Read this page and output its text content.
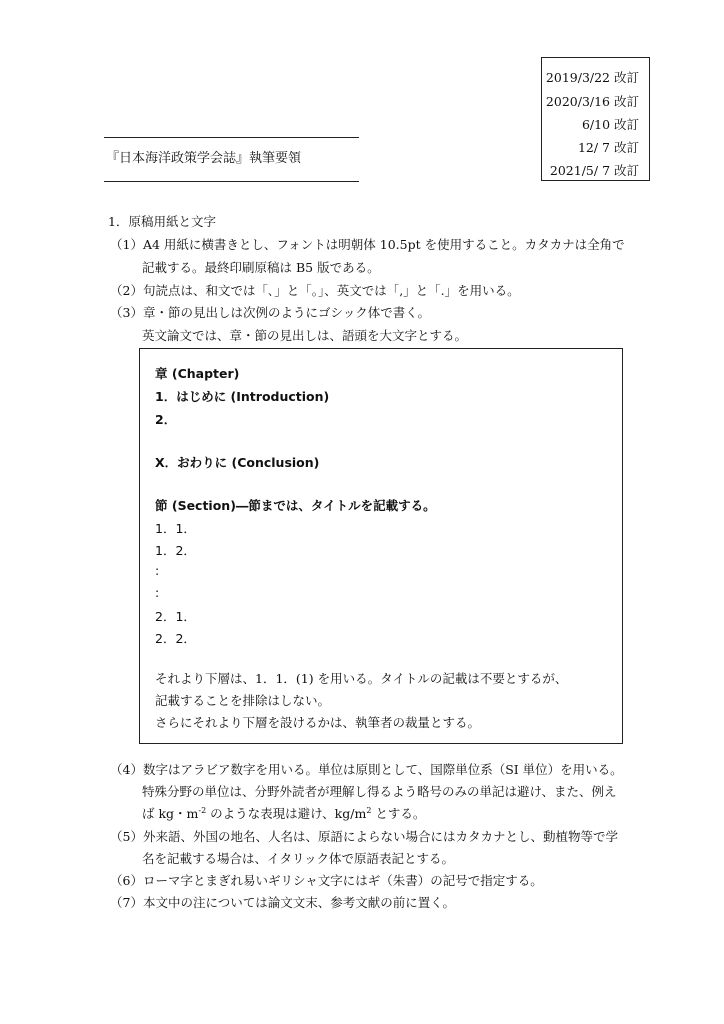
2019/3/22 改訂
2020/3/16 改訂
6/10 改訂
12/ 7 改訂
2021/5/ 7 改訂
『日本海洋政策学会誌』執筆要領
1．原稿用紙と文字
（1）A4 用紙に横書きとし、フォントは明朝体 10.5pt を使用すること。カタカナは全角で
記載する。最終印刷原稿は B5 版である。
（2）句読点は、和文では「､」と「｡」、英文では「,」と「.」を用いる。
（3）章・節の見出しは次例のようにゴシック体で書く。
英文論文では、章・節の見出しは、語頭を大文字とする。
章 (Chapter)
1．はじめに (Introduction)
2．
X．おわりに (Conclusion)
節 (Section)―節までは、タイトルを記載する。
1．1．
1．2．
:
:
2．1．
2．2．
それより下層は、1．1．(1) を用いる。タイトルの記載は不要とするが、
記載することを排除はしない。
さらにそれより下層を設けるかは、執筆者の裁量とする。
（4）数字はアラビア数字を用いる。単位は原則として、国際単位系（SI 単位）を用いる。
特殊分野の単位は、分野外読者が理解し得るよう略号のみの単記は避け、また、例え
ば kg・$m^{-2}$ のような表現は避け、$kg/m^2$ とする。
（5）外来語、外国の地名、人名は、原語によらない場合にはカタカナとし、動植物等で学
名を記載する場合は、イタリック体で原語表記とする。
（6）ローマ字とまぎれ易いギリシャ文字にはギ（朱書）の記号で指定する。
（7）本文中の注については論文文末、参考文献の前に置く。
